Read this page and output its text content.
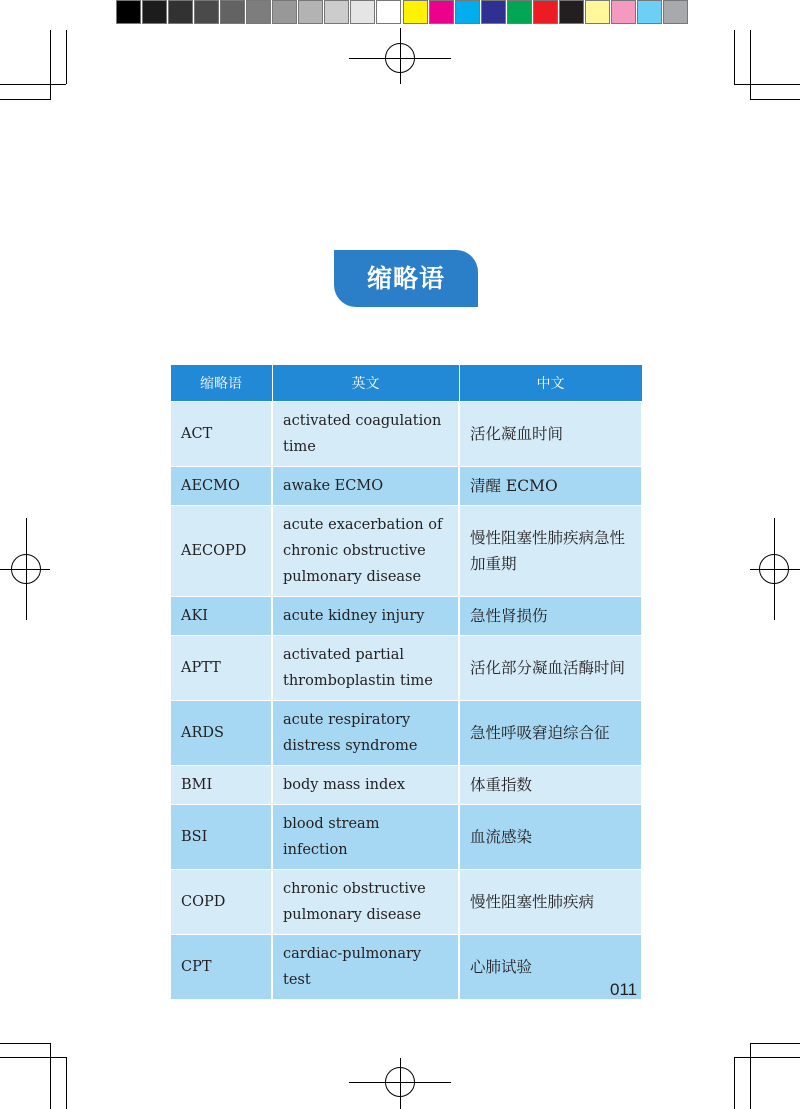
缩略语
缩略语	英文	中文
ACT	activated coagulation time	活化凝血时间
AECMO	awake ECMO	清醒 ECMO
AECOPD	acute exacerbation of chronic obstructive pulmonary disease	慢性阻塞性肺疾病急性加重期
AKI	acute kidney injury	急性肾损伤
APTT	activated partial thromboplastin time	活化部分凝血活酶时间
ARDS	acute respiratory distress syndrome	急性呼吸窘迫综合征
BMI	body mass index	体重指数
BSI	blood stream infection	血流感染
COPD	chronic obstructive pulmonary disease	慢性阻塞性肺疾病
CPT	cardiac-pulmonary test	心肺试验
011
